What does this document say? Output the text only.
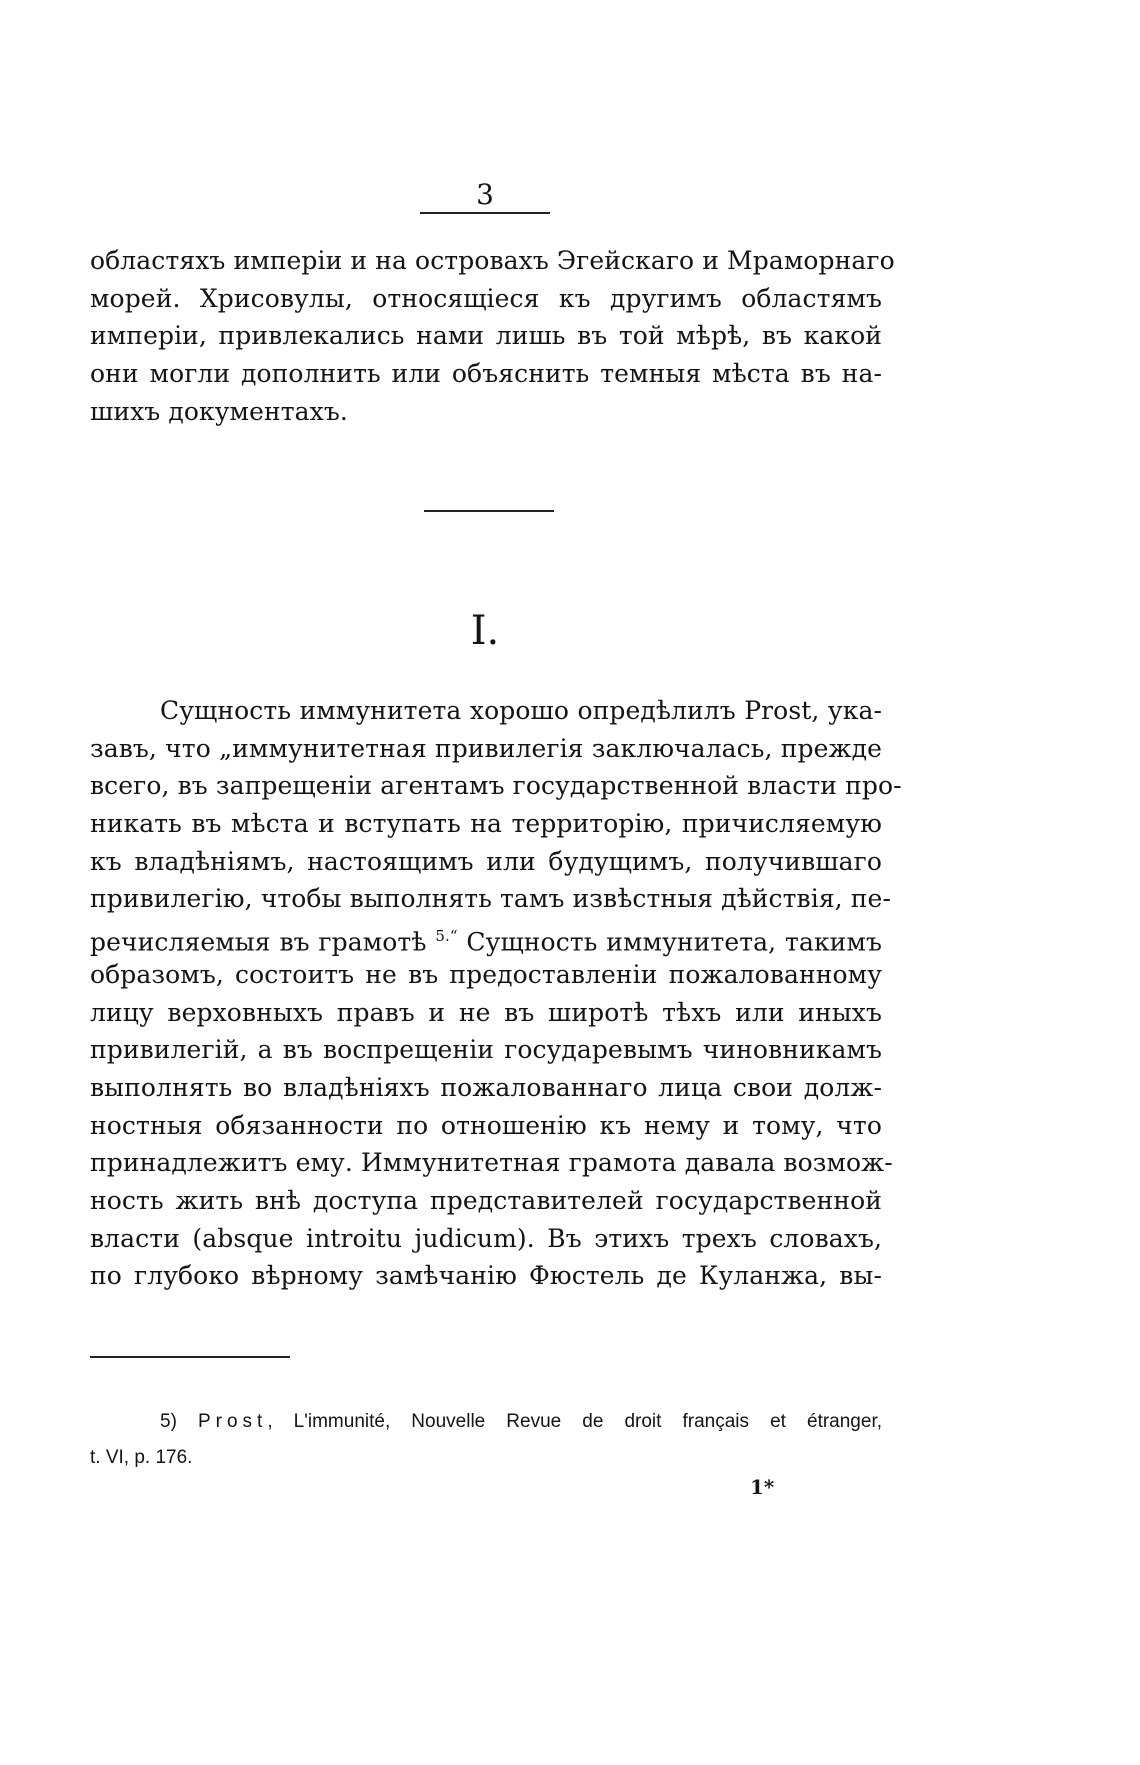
3
областяхъ имперіи и на островахъ Эгейскаго и Мраморнаго
морей. Хрисовулы, относящіеся къ другимъ областямъ
имперіи, привлекались нами лишь въ той мѣрѣ, въ какой
они могли дополнить или объяснить темныя мѣста въ на-
шихъ документахъ.
I.
Сущность иммунитета хорошо опредѣлилъ Prost, ука-
завъ, что „иммунитетная привилегія заключалась, прежде
всего, въ запрещеніи агентамъ государственной власти про-
никать въ мѣста и вступать на территорію, причисляемую
къ владѣніямъ, настоящимъ или будущимъ, получившаго
привилегію, чтобы выполнять тамъ извѣстныя дѣйствія, пе-
речисляемыя въ грамотѣ $^{5.“}$ Сущность иммунитета, такимъ
образомъ, состоитъ не въ предоставленіи пожалованному
лицу верховныхъ правъ и не въ широтѣ тѣхъ или иныхъ
привилегій, а въ воспрещеніи государевымъ чиновникамъ
выполнять во владѣніяхъ пожалованнаго лица свои долж-
ностныя обязанности по отношенію къ нему и тому, что
принадлежитъ ему. Иммунитетная грамота давала возмож-
ность жить внѣ доступа представителей государственной
власти (absque introitu judicum). Въ этихъ трехъ словахъ,
по глубоко вѣрному замѣчанію Фюстель де Куланжа, вы-
5) Prost, L'immunité, Nouvelle Revue de droit français et étranger,
t. VI, p. 176.
1*
